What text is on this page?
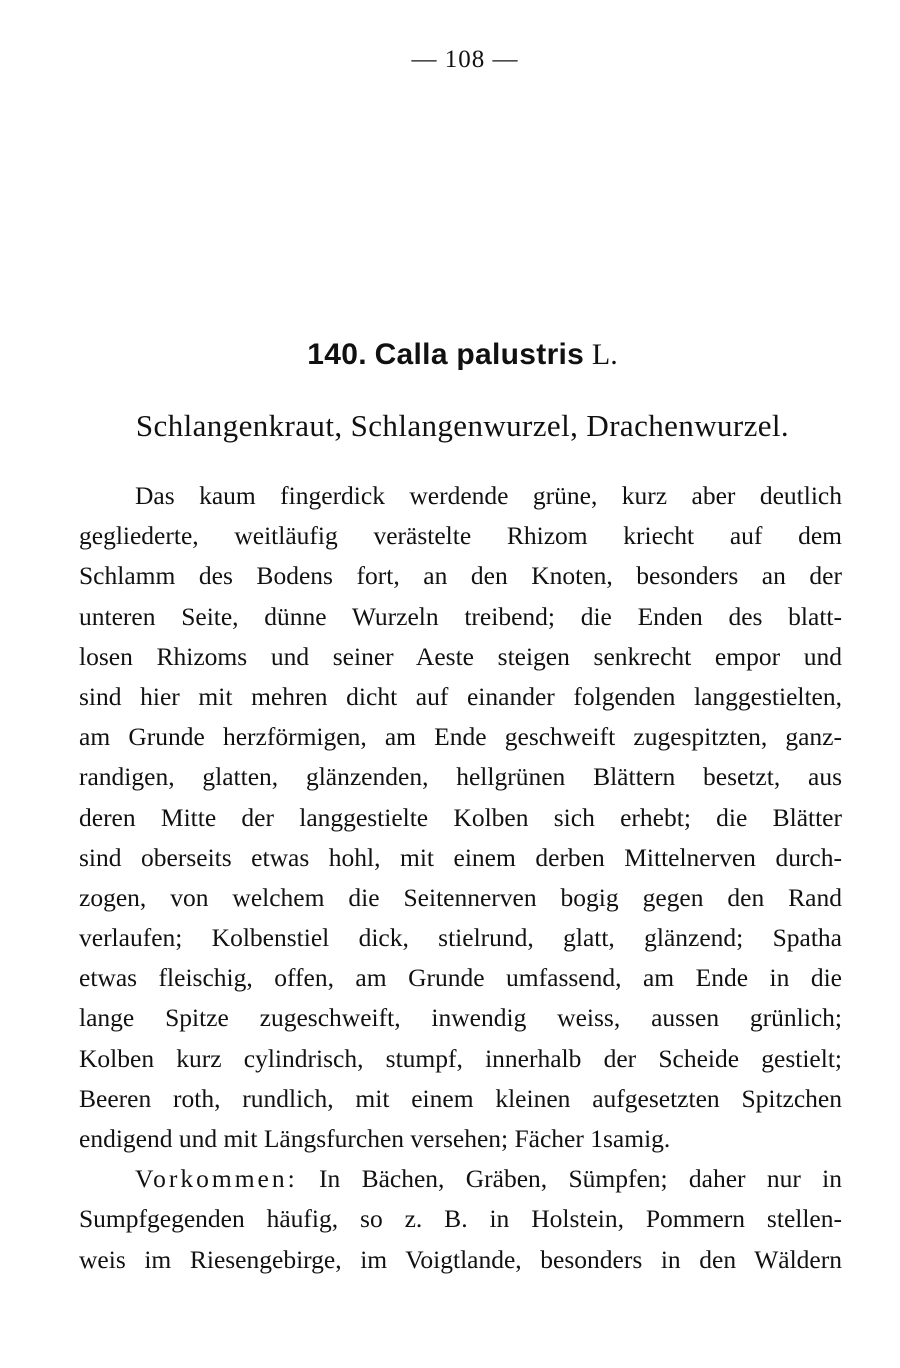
— 108 —
140. Calla palustris L.
Schlangenkraut, Schlangenwurzel, Drachenwurzel.
Das kaum fingerdick werdende grüne, kurz aber deutlich
gegliederte, weitläufig verästelte Rhizom kriecht auf dem
Schlamm des Bodens fort, an den Knoten, besonders an der
unteren Seite, dünne Wurzeln treibend; die Enden des blatt-
losen Rhizoms und seiner Aeste steigen senkrecht empor und
sind hier mit mehren dicht auf einander folgenden langgestielten,
am Grunde herzförmigen, am Ende geschweift zugespitzten, ganz-
randigen, glatten, glänzenden, hellgrünen Blättern besetzt, aus
deren Mitte der langgestielte Kolben sich erhebt; die Blätter
sind oberseits etwas hohl, mit einem derben Mittelnerven durch-
zogen, von welchem die Seitennerven bogig gegen den Rand
verlaufen; Kolbenstiel dick, stielrund, glatt, glänzend; Spatha
etwas fleischig, offen, am Grunde umfassend, am Ende in die
lange Spitze zugeschweift, inwendig weiss, aussen grünlich;
Kolben kurz cylindrisch, stumpf, innerhalb der Scheide gestielt;
Beeren roth, rundlich, mit einem kleinen aufgesetzten Spitzchen
endigend und mit Längsfurchen versehen; Fächer 1samig.
Vorkommen: In Bächen, Gräben, Sümpfen; daher nur in
Sumpfgegenden häufig, so z. B. in Holstein, Pommern stellen-
weis im Riesengebirge, im Voigtlande, besonders in den Wäldern
